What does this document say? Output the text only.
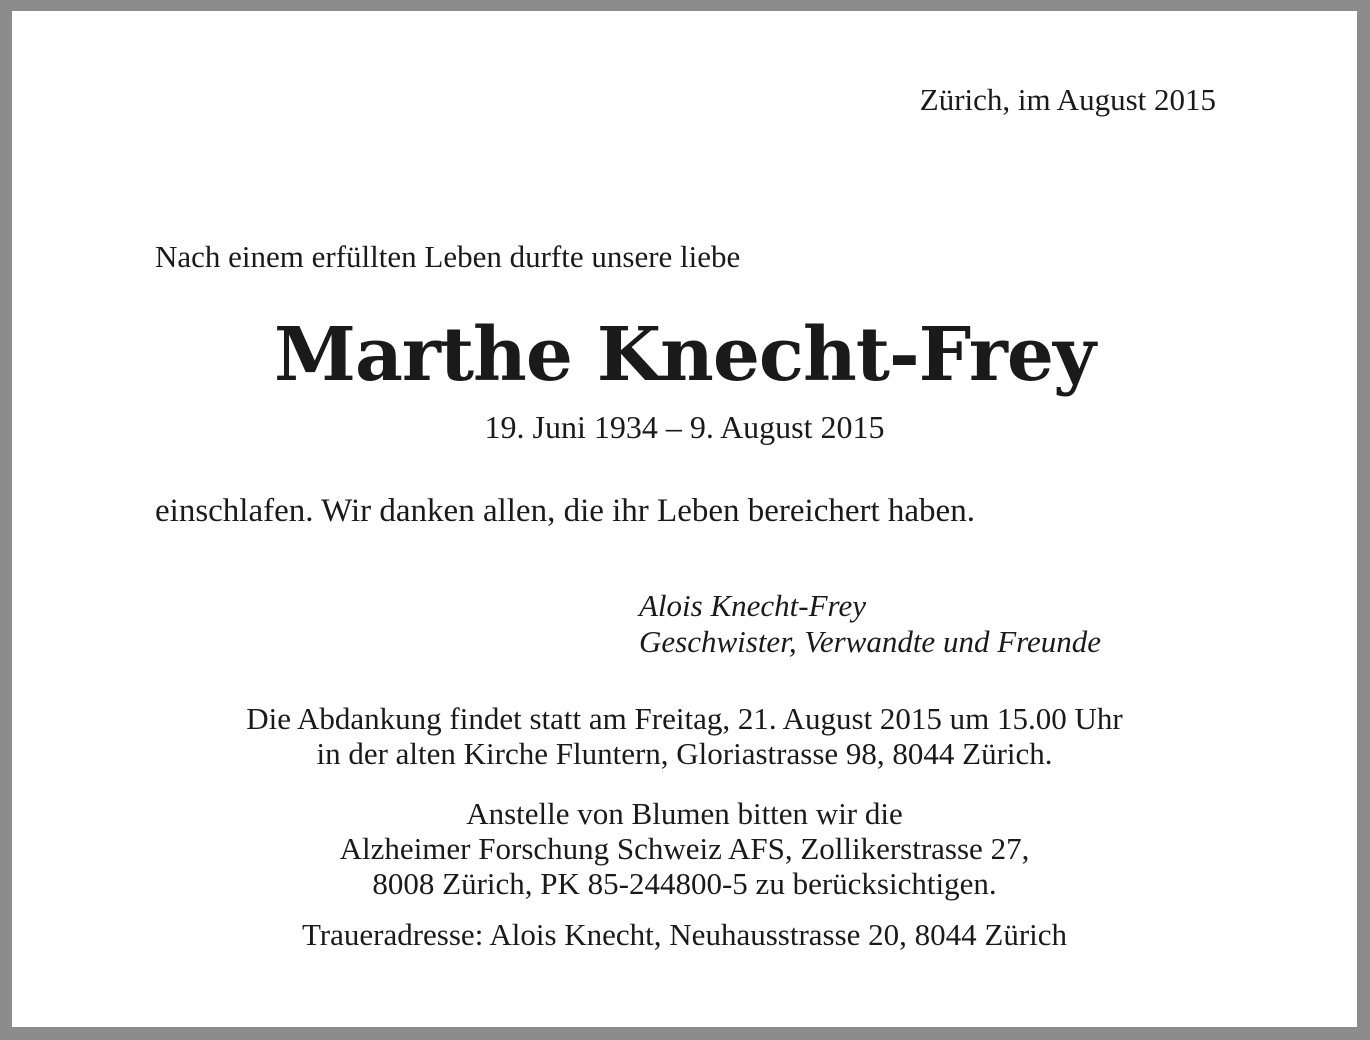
Zürich, im August 2015

Nach einem erfüllten Leben durfte unsere liebe

Marthe Knecht-Frey

19. Juni 1934 – 9. August 2015

einschlafen. Wir danken allen, die ihr Leben bereichert haben.

Alois Knecht-Frey
Geschwister, Verwandte und Freunde
Die Abdankung findet statt am Freitag, 21. August 2015 um 15.00 Uhr
in der alten Kirche Fluntern, Gloriastrasse 98, 8044 Zürich.
Anstelle von Blumen bitten wir die
Alzheimer Forschung Schweiz AFS, Zollikerstrasse 27,
8008 Zürich, PK 85-244800-5 zu berücksichtigen.

Traueradresse: Alois Knecht, Neuhausstrasse 20, 8044 Zürich
